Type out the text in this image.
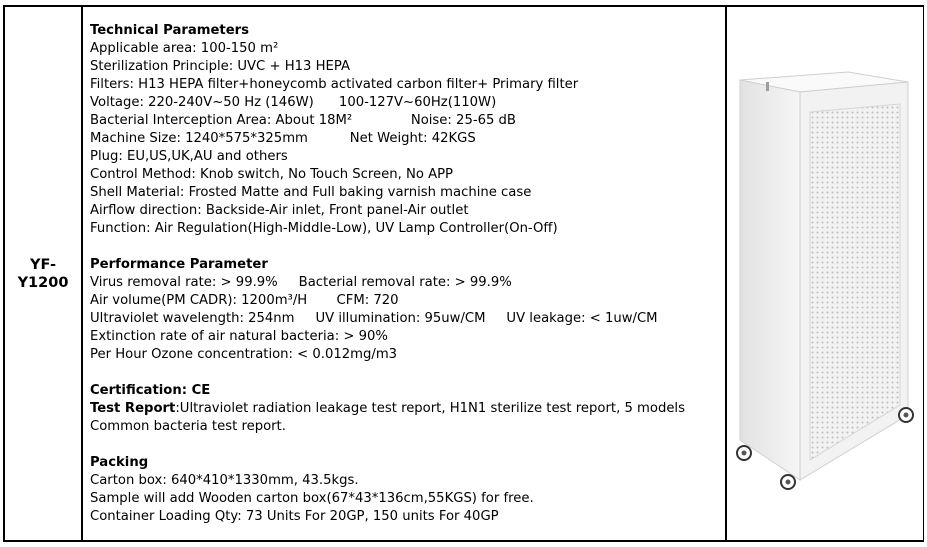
YF-
Y1200
Technical Parameters
Applicable area: 100-150 m²
Sterilization Principle: UVC + H13 HEPA
Filters: H13 HEPA filter+honeycomb activated carbon filter+ Primary filter
Voltage: 220-240V~50 Hz (146W)      100-127V~60Hz(110W)
Bacterial Interception Area: About 18M²              Noise: 25-65 dB
Machine Size: 1240*575*325mm          Net Weight: 42KGS
Plug: EU,US,UK,AU and others
Control Method: Knob switch, No Touch Screen, No APP
Shell Material: Frosted Matte and Full baking varnish machine case
Airflow direction: Backside-Air inlet, Front panel-Air outlet
Function: Air Regulation(High-Middle-Low), UV Lamp Controller(On-Off)
Performance Parameter
Virus removal rate: > 99.9%     Bacterial removal rate: > 99.9%
Air volume(PM CADR): 1200m³/H       CFM: 720
Ultraviolet wavelength: 254nm     UV illumination: 95uw/CM     UV leakage: < 1uw/CM
Extinction rate of air natural bacteria: > 90%
Per Hour Ozone concentration: < 0.012mg/m3
Certification: CE
Test Report:Ultraviolet radiation leakage test report, H1N1 sterilize test report, 5 models
Common bacteria test report.
Packing
Carton box: 640*410*1330mm, 43.5kgs.
Sample will add Wooden carton box(67*43*136cm,55KGS) for free.
Container Loading Qty: 73 Units For 20GP, 150 units For 40GP
